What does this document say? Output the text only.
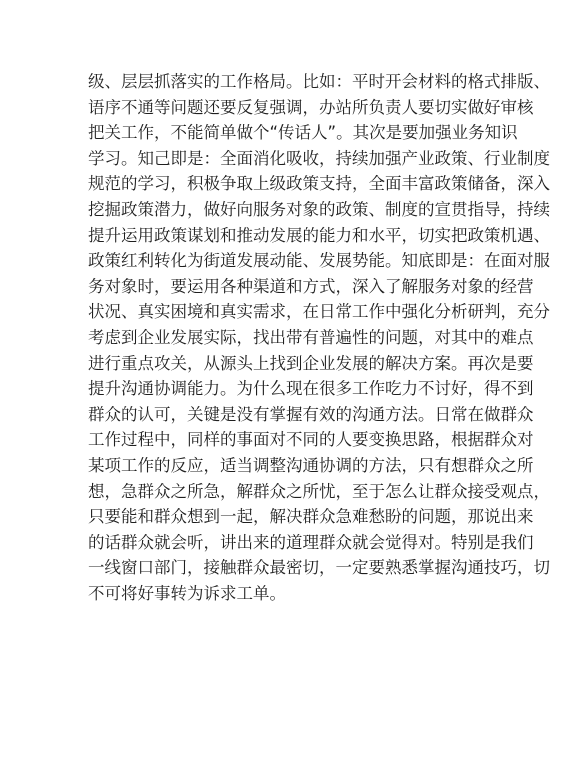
级、层层抓落实的工作格局。比如：平时开会材料的格式排版、
语序不通等问题还要反复强调，办站所负责人要切实做好审核
把关工作，不能简单做个“传话人”。其次是要加强业务知识
学习。知己即是：全面消化吸收，持续加强产业政策、行业制度
规范的学习，积极争取上级政策支持，全面丰富政策储备，深入
挖掘政策潜力，做好向服务对象的政策、制度的宣贯指导，持续
提升运用政策谋划和推动发展的能力和水平，切实把政策机遇、
政策红利转化为街道发展动能、发展势能。知底即是：在面对服
务对象时，要运用各种渠道和方式，深入了解服务对象的经营
状况、真实困境和真实需求，在日常工作中强化分析研判，充分
考虑到企业发展实际，找出带有普遍性的问题，对其中的难点
进行重点攻关，从源头上找到企业发展的解决方案。再次是要
提升沟通协调能力。为什么现在很多工作吃力不讨好，得不到
群众的认可，关键是没有掌握有效的沟通方法。日常在做群众
工作过程中，同样的事面对不同的人要变换思路，根据群众对
某项工作的反应，适当调整沟通协调的方法，只有想群众之所
想，急群众之所急，解群众之所忧，至于怎么让群众接受观点，
只要能和群众想到一起，解决群众急难愁盼的问题，那说出来
的话群众就会听，讲出来的道理群众就会觉得对。特别是我们
一线窗口部门，接触群众最密切，一定要熟悉掌握沟通技巧，切
不可将好事转为诉求工单。
